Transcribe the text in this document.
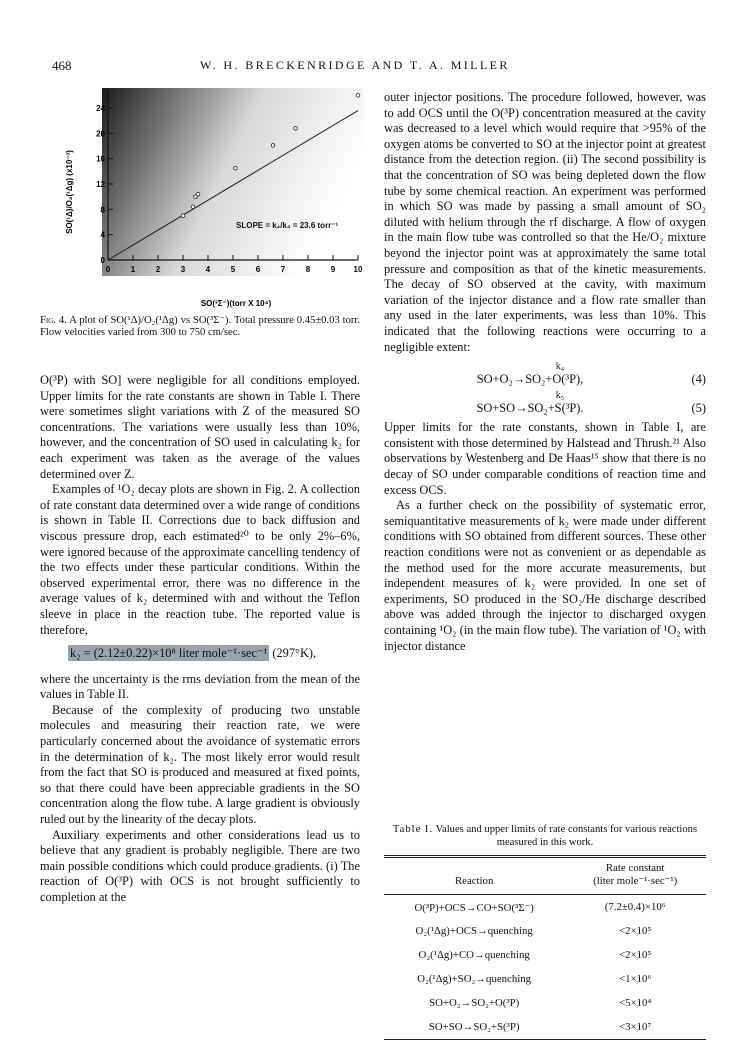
468	W. H. BRECKENRIDGE AND T. A. MILLER
0
4
8
12
16
20
24
0	1	2	3	4	5	6	7	8	9 10
SLOPE = k₂/k₃ = 23.6 torr⁻¹
SO(³Σ⁻)(torr X 10⁴)
SO(¹Δ)/O₂(¹Δg) (x10⁻³)
Fig. 4. A plot of SO(¹Δ)/O₂(¹Δg) vs SO(³Σ⁻). Total pressure 0.45±0.03 torr. Flow velocities varied from 300 to 750 cm/sec.

O(³P) with SO] were negligible for all conditions employed. Upper limits for the rate constants are shown in Table I. There were sometimes slight variations with Z of the measured SO concentrations. The variations were usually less than 10%, however, and the concentration of SO used in calculating k₂ for each experiment was taken as the average of the values determined over Z.

Examples of ¹O₂ decay plots are shown in Fig. 2. A collection of rate constant data determined over a wide range of conditions is shown in Table II. Corrections due to back diffusion and viscous pressure drop, each estimated²⁰ to be only 2%–6%, were ignored because of the approximate cancelling tendency of the two effects under these particular conditions. Within the observed experimental error, there was no difference in the average values of k₂ determined with and without the Teflon sleeve in place in the reaction tube. The reported value is therefore,

k₂ = (2.12±0.22)×10⁸ liter mole⁻¹·sec⁻¹ (297°K),

where the uncertainty is the rms deviation from the mean of the values in Table II.

Because of the complexity of producing two unstable molecules and measuring their reaction rate, we were particularly concerned about the avoidance of systematic errors in the determination of k₂. The most likely error would result from the fact that SO is produced and measured at fixed points, so that there could have been appreciable gradients in the SO concentration along the flow tube. A large gradient is obviously ruled out by the linearity of the decay plots.

Auxiliary experiments and other considerations lead us to believe that any gradient is probably negligible. There are two main possible conditions which could produce gradients. (i) The reaction of O(³P) with OCS is not brought sufficiently to completion at the

outer injector positions. The procedure followed, however, was to add OCS until the O(³P) concentration measured at the cavity was decreased to a level which would require that >95% of the oxygen atoms be converted to SO at the injector point at greatest distance from the detection region. (ii) The second possibility is that the concentration of SO was being depleted down the flow tube by some chemical reaction. An experiment was performed in which SO was made by passing a small amount of SO₂ diluted with helium through the rf discharge. A flow of oxygen in the main flow tube was controlled so that the He/O₂ mixture beyond the injector point was at approximately the same total pressure and composition as that of the kinetic measurements. The decay of SO observed at the cavity, with maximum variation of the injector distance and a flow rate smaller than any used in the later experiments, was less than 10%. This indicated that the following reactions were occurring to a negligible extent:

k₄
SO+O₂→SO₂+O(³P),	(4)
k₅
SO+SO→SO₂+S(³P).	(5)

Upper limits for the rate constants, shown in Table I, are consistent with those determined by Halstead and Thrush.²¹ Also observations by Westenberg and De Haas¹⁵ show that there is no decay of SO under comparable conditions of reaction time and excess OCS.

As a further check on the possibility of systematic error, semiquantitative measurements of k₂ were made under different conditions with SO obtained from different sources. These other reaction conditions were not as convenient or as dependable as the method used for the more accurate measurements, but independent measures of k₂ were provided. In one set of experiments, SO produced in the SO₂/He discharge described above was added through the injector to discharged oxygen containing ¹O₂ (in the main flow tube). The variation of ¹O₂ with injector distance

Table I. Values and upper limits of rate constants for various reactions measured in this work.
Reaction	Rate constant
(liter mole⁻¹·sec⁻¹)

O(³P)+OCS→CO+SO(³Σ⁻)	(7.2±0.4)×10⁶
O₂(¹Δg)+OCS→quenching	<2×10⁵
O₂(¹Δg)+CO→quenching	<2×10⁵
O₂(¹Δg)+SO₂→quenching	<1×10⁶
SO+O₂→SO₂+O(³P)	<5×10⁴
SO+SO→SO₂+S(³P)	<3×10⁷
